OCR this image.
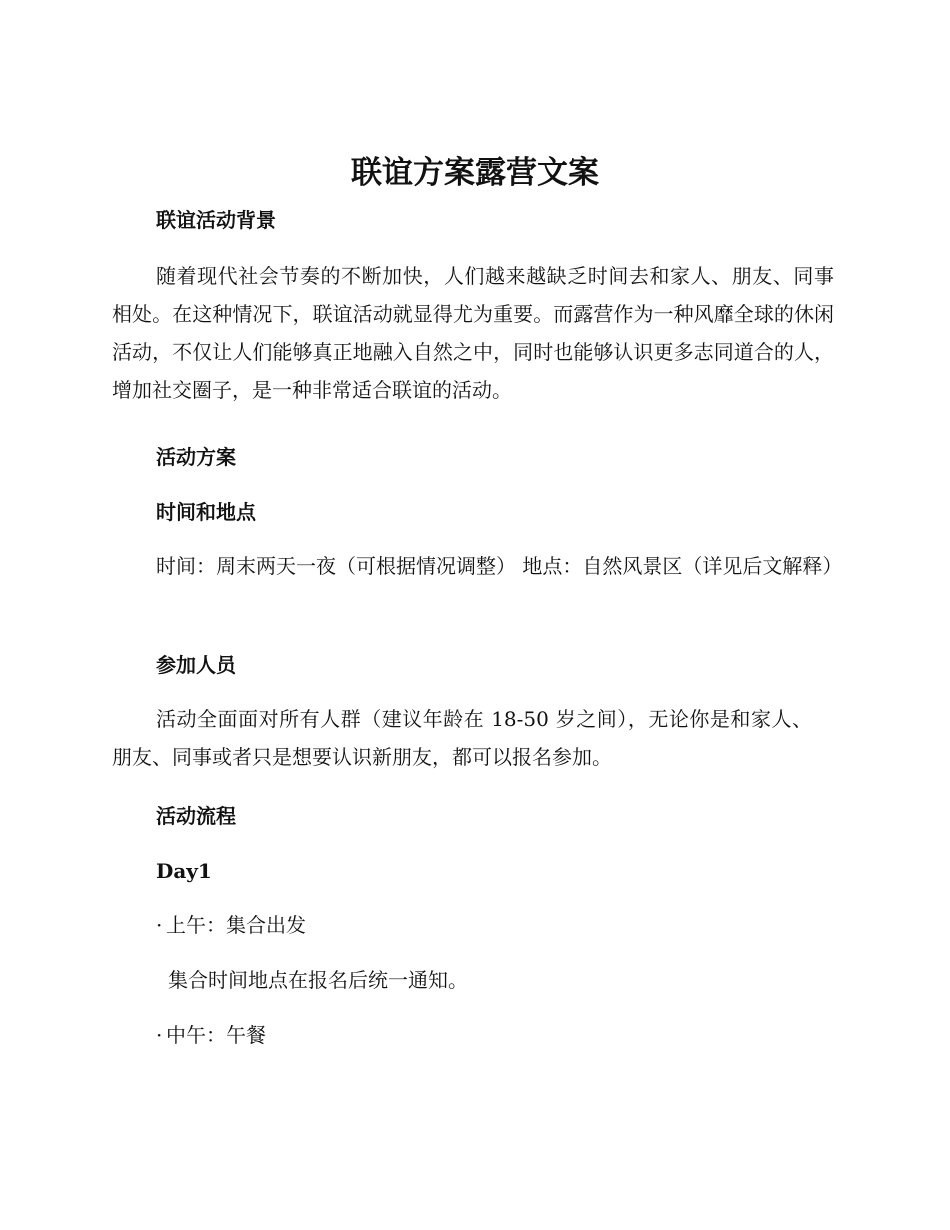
联谊方案露营文案
联谊活动背景

随着现代社会节奏的不断加快，人们越来越缺乏时间去和家人、朋友、同事相处。在这种情况下，联谊活动就显得尤为重要。而露营作为一种风靡全球的休闲活动，不仅让人们能够真正地融入自然之中，同时也能够认识更多志同道合的人，增加社交圈子，是一种非常适合联谊的活动。

活动方案
时间和地点

时间：周末两天一夜（可根据情况调整） 地点：自然风景区（详见后文解释）

参加人员

活动全面面对所有人群（建议年龄在 18-50 岁之间），无论你是和家人、朋友、同事或者只是想要认识新朋友，都可以报名参加。

活动流程
Day1
· 上午：集合出发
集合时间地点在报名后统一通知。
· 中午：午餐
